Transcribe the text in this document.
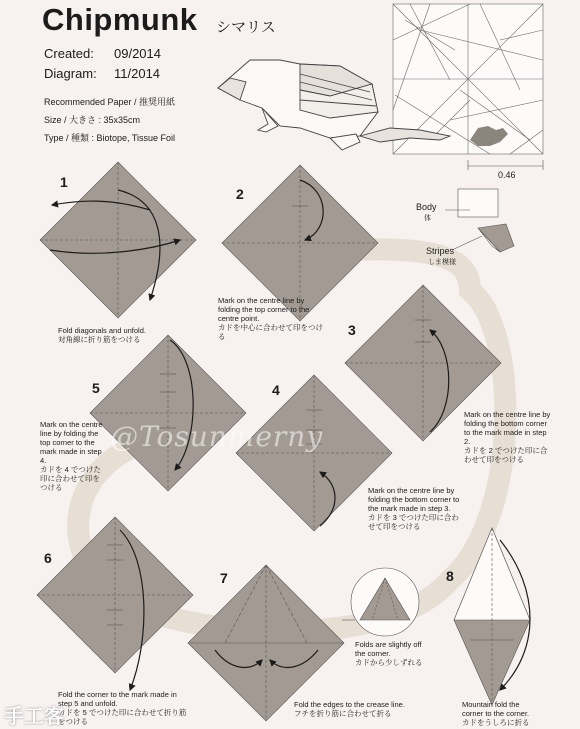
Chipmunk シマリス
Created: 09/2014
Diagram: 11/2014
Recommended Paper / 推奨用紙
Size / 大きさ : 35x35cm
Type / 種類 : Biotope, Tissue Foil
0.46
Body
体
Stripes
しま模様
1
2
3
4
5
6
7	8
Fold diagonals and unfold.
対角線に折り筋をつける
Mark on the centre line by folding the top corner to the centre point.
カドを中心に合わせて印をつける
Mark on the centre line by folding the bottom corner to the mark made in step 2.
カドを 2 でつけた印に合わせて印をつける
Mark on the centre line by folding the bottom corner to the mark made in step 3.
カドを 3 でつけた印に合わせて印をつける
Mark on the centre line by folding the top corner to the mark made in step 4.
カドを 4 でつけた印に合わせて印をつける
Fold the corner to the mark made in step 5 and unfold.
カドを 5 でつけた印に合わせて折り筋をつける
Fold the edges to the crease line.
フチを折り筋に合わせて折る
Mountain fold the corner to the corner.
カドをうしろに折る
Folds are slightly off the corner.
カドから少しずれる
@Tosunmerny
手工客
